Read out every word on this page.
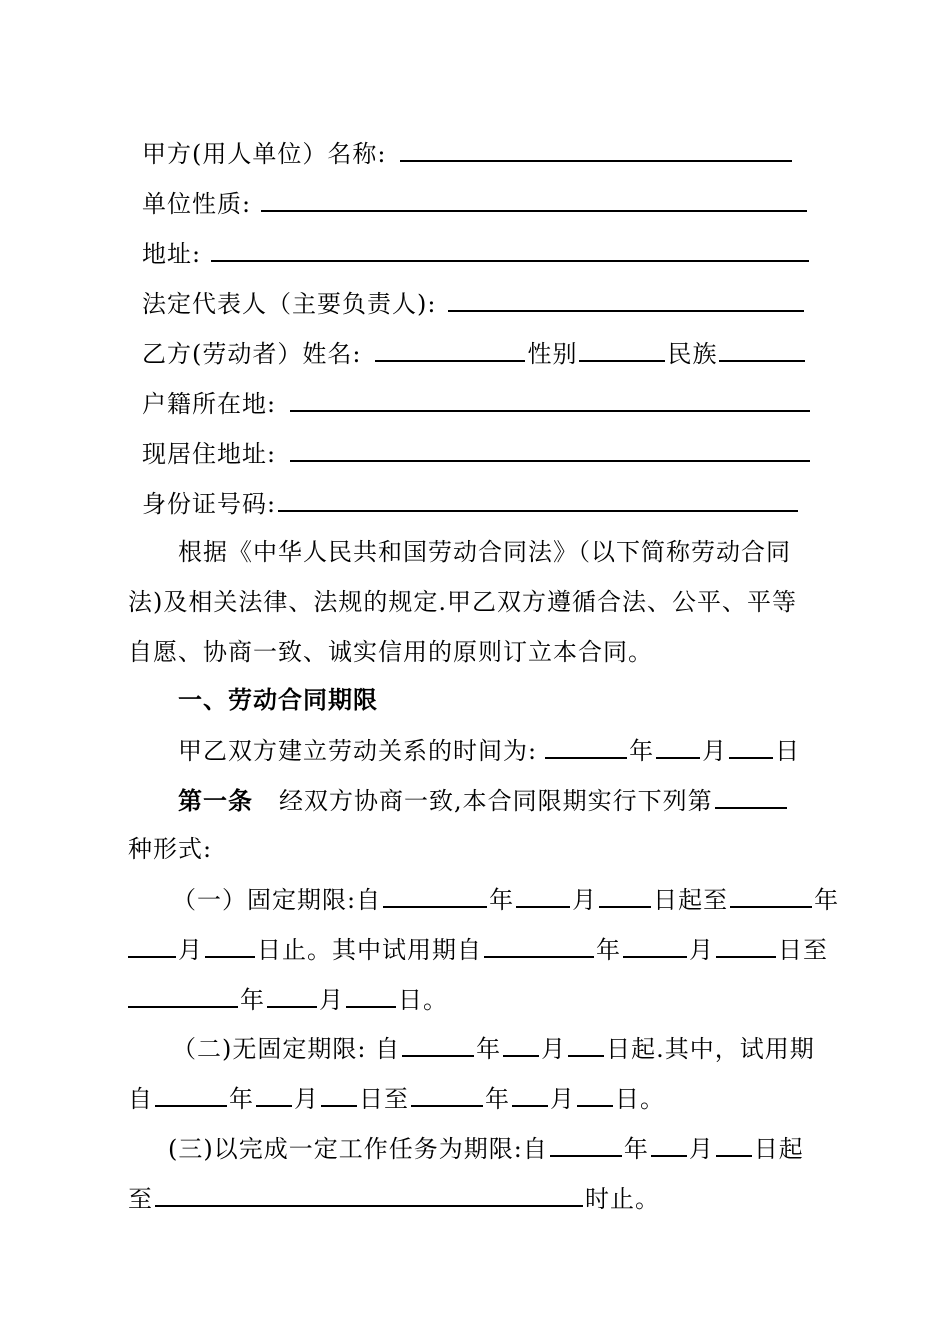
甲方(用人单位）名称:
单位性质:
地址:
法定代表人（主要负责人):
乙方(劳动者）姓名:	性别	民族
户籍所在地:
现居住地址:
身份证号码:
根据《中华人民共和国劳动合同法》（以下简称劳动合同
法)及相关法律、法规的规定.甲乙双方遵循合法、公平、平等
自愿、协商一致、诚实信用的原则订立本合同。
一、劳动合同期限
甲乙双方建立劳动关系的时间为:	年 月 日
第一条 经双方协商一致,本合同限期实行下列第
种形式:
（一）固定期限:自	年 月 日起至	年
月 日止。其中试用期自	年	月	日至
年 月 日。
（二)无固定期限: 自	年 月 日起.其中，试用期
自	年 月 日至	年 月 日。
(三)以完成一定工作任务为期限:自	年 月 日起
至	时止。
